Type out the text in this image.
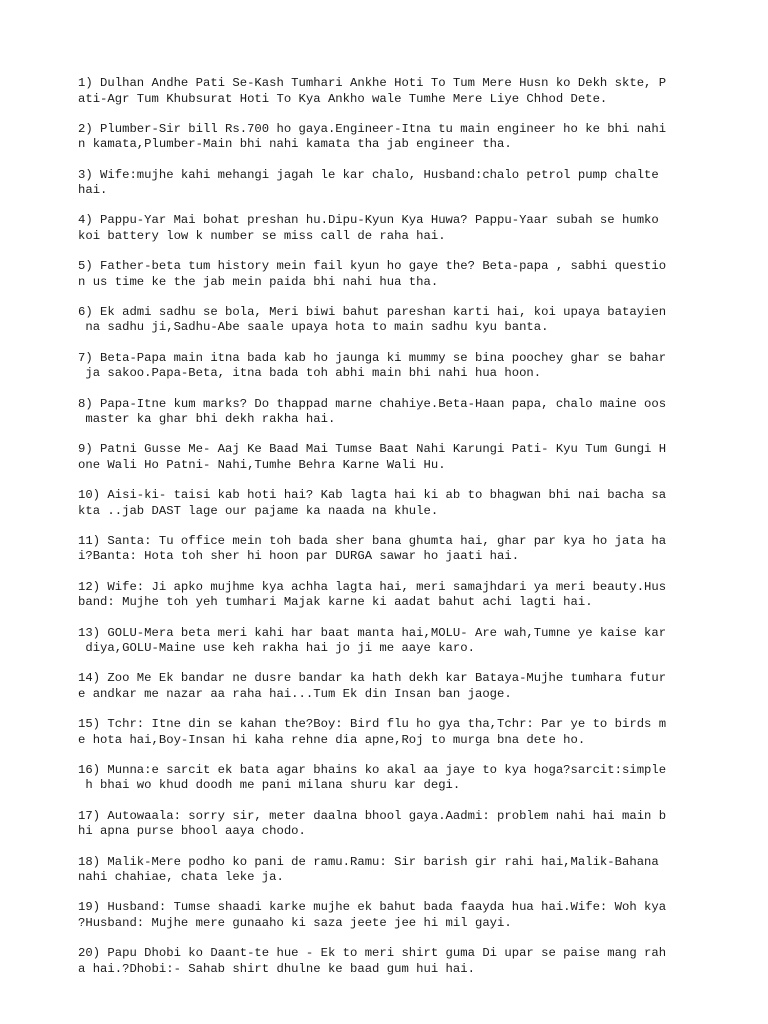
1) Dulhan Andhe Pati Se-Kash Tumhari Ankhe Hoti To Tum Mere Husn ko Dekh skte, P
ati-Agr Tum Khubsurat Hoti To Kya Ankho wale Tumhe Mere Liye Chhod Dete.
2) Plumber-Sir bill Rs.700 ho gaya.Engineer-Itna tu main engineer ho ke bhi nahi
n kamata,Plumber-Main bhi nahi kamata tha jab engineer tha.
3) Wife:mujhe kahi mehangi jagah le kar chalo, Husband:chalo petrol pump chalte
hai.
4) Pappu-Yar Mai bohat preshan hu.Dipu-Kyun Kya Huwa? Pappu-Yaar subah se humko
koi battery low k number se miss call de raha hai.
5) Father-beta tum history mein fail kyun ho gaye the? Beta-papa , sabhi questio
n us time ke the jab mein paida bhi nahi hua tha.
6) Ek admi sadhu se bola, Meri biwi bahut pareshan karti hai, koi upaya batayien
na sadhu ji,Sadhu-Abe saale upaya hota to main sadhu kyu banta.
7) Beta-Papa main itna bada kab ho jaunga ki mummy se bina poochey ghar se bahar
ja sakoo.Papa-Beta, itna bada toh abhi main bhi nahi hua hoon.
8) Papa-Itne kum marks? Do thappad marne chahiye.Beta-Haan papa, chalo maine oos
master ka ghar bhi dekh rakha hai.
9) Patni Gusse Me- Aaj Ke Baad Mai Tumse Baat Nahi Karungi Pati- Kyu Tum Gungi H
one Wali Ho Patni- Nahi,Tumhe Behra Karne Wali Hu.
10) Aisi-ki- taisi kab hoti hai? Kab lagta hai ki ab to bhagwan bhi nai bacha sa
kta ..jab DAST lage our pajame ka naada na khule.
11) Santa: Tu office mein toh bada sher bana ghumta hai, ghar par kya ho jata ha
i?Banta: Hota toh sher hi hoon par DURGA sawar ho jaati hai.
12) Wife: Ji apko mujhme kya achha lagta hai, meri samajhdari ya meri beauty.Hus
band: Mujhe toh yeh tumhari Majak karne ki aadat bahut achi lagti hai.
13) GOLU-Mera beta meri kahi har baat manta hai,MOLU- Are wah,Tumne ye kaise kar
diya,GOLU-Maine use keh rakha hai jo ji me aaye karo.
14) Zoo Me Ek bandar ne dusre bandar ka hath dekh kar Bataya-Mujhe tumhara futur
e andkar me nazar aa raha hai...Tum Ek din Insan ban jaoge.
15) Tchr: Itne din se kahan the?Boy: Bird flu ho gya tha,Tchr: Par ye to birds m
e hota hai,Boy-Insan hi kaha rehne dia apne,Roj to murga bna dete ho.
16) Munna:e sarcit ek bata agar bhains ko akal aa jaye to kya hoga?sarcit:simple
h bhai wo khud doodh me pani milana shuru kar degi.
17) Autowaala: sorry sir, meter daalna bhool gaya.Aadmi: problem nahi hai main b
hi apna purse bhool aaya chodo.
18) Malik-Mere podho ko pani de ramu.Ramu: Sir barish gir rahi hai,Malik-Bahana
nahi chahiae, chata leke ja.
19) Husband: Tumse shaadi karke mujhe ek bahut bada faayda hua hai.Wife: Woh kya
?Husband: Mujhe mere gunaaho ki saza jeete jee hi mil gayi.
20) Papu Dhobi ko Daant-te hue - Ek to meri shirt guma Di upar se paise mang rah
a hai.?Dhobi:- Sahab shirt dhulne ke baad gum hui hai.
